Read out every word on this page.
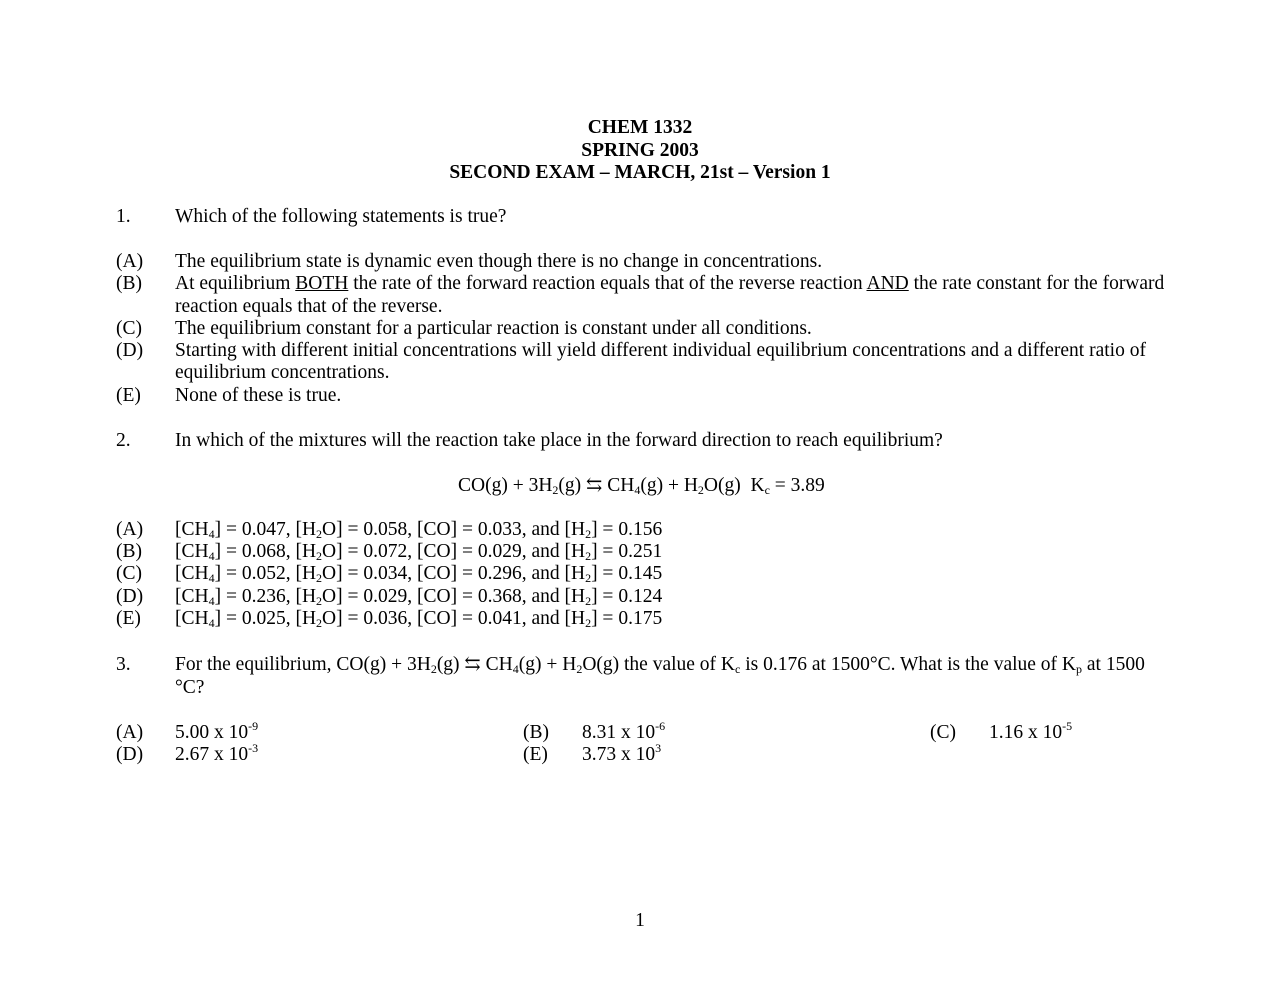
CHEM 1332
SPRING 2003
SECOND EXAM – MARCH, 21st – Version 1
1. Which of the following statements is true?
(A) The equilibrium state is dynamic even though there is no change in concentrations.
(B) At equilibrium BOTH the rate of the forward reaction equals that of the reverse reaction AND the rate constant for the forward
reaction equals that of the reverse.
(C) The equilibrium constant for a particular reaction is constant under all conditions.
(D) Starting with different initial concentrations will yield different individual equilibrium concentrations and a different ratio of
equilibrium concentrations.
(E) None of these is true.
2. In which of the mixtures will the reaction take place in the forward direction to reach equilibrium?
$CO(g) + 3H_2(g)$ ⇆ $CH_4(g) + H_2O(g) K_c = 3.89$
(A) $[CH_4] = 0.047$, $[H_2O] = 0.058$, [CO] = 0.033, and $[H_2] = 0.156$
(B) $[CH_4] = 0.068$, $[H_2O] = 0.072$, [CO] = 0.029, and $[H_2] = 0.251$
(C) $[CH_4] = 0.052$, $[H_2O] = 0.034$, [CO] = 0.296, and $[H_2] = 0.145$
(D) $[CH_4] = 0.236$, $[H_2O] = 0.029$, [CO] = 0.368, and $[H_2] = 0.124$
(E) $[CH_4] = 0.025$, $[H_2O] = 0.036$, [CO] = 0.041, and $[H_2] = 0.175$
3. For the equilibrium, $CO(g) + 3H_2(g)$ ⇆ $CH_4(g) + H_2O(g)$ the value of $K_c$ is 0.176 at 1500°C. What is the value of $K_p$ at 1500
°C?
(A) 5.00 x $10^{-9}$	(B) 8.31 x $10^{-6}$	(C) 1.16 x $10^{-5}$
(D) 2.67 x $10^{-3}$	(E) 3.73 x $10^3$
1
